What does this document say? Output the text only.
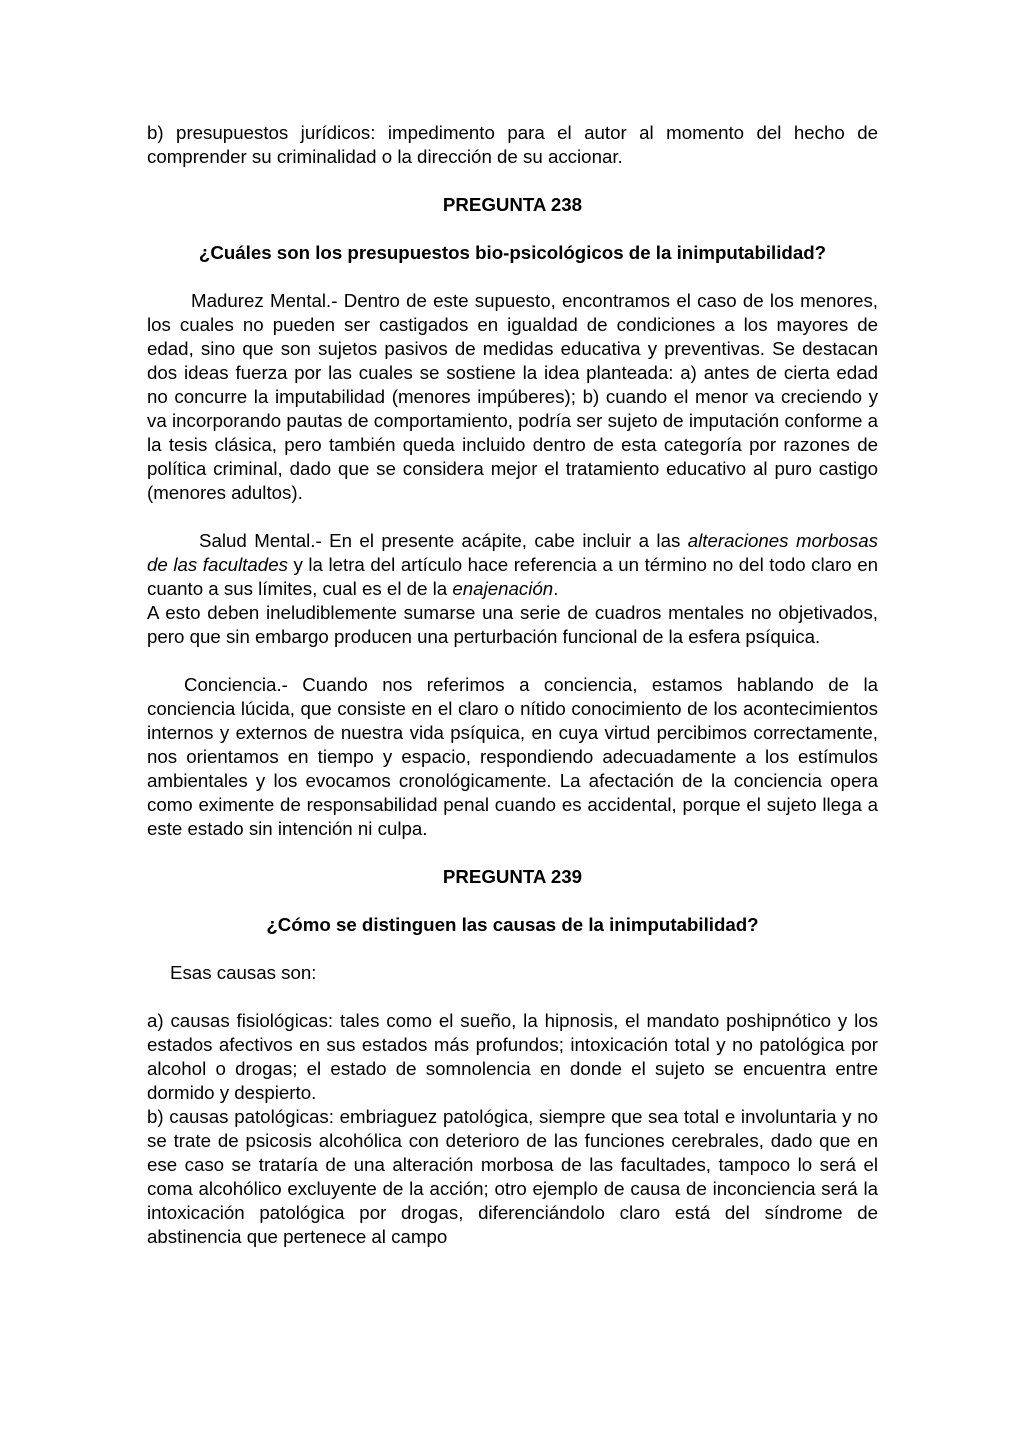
b) presupuestos jurídicos: impedimento para el autor al momento del hecho de comprender su criminalidad o la dirección de su accionar.

PREGUNTA 238

¿Cuáles son los presupuestos bio-psicológicos de la inimputabilidad?

Madurez Mental.- Dentro de este supuesto, encontramos el caso de los menores, los cuales no pueden ser castigados en igualdad de condiciones a los mayores de edad, sino que son sujetos pasivos de medidas educativa y preventivas. Se destacan dos ideas fuerza por las cuales se sostiene la idea planteada: a) antes de cierta edad no concurre la imputabilidad (menores impúberes); b) cuando el menor va creciendo y va incorporando pautas de comportamiento, podría ser sujeto de imputación conforme a la tesis clásica, pero también queda incluido dentro de esta categoría por razones de política criminal, dado que se considera mejor el tratamiento educativo al puro castigo (menores adultos).

Salud Mental.- En el presente acápite, cabe incluir a las alteraciones morbosas de las facultades y la letra del artículo hace referencia a un término no del todo claro en cuanto a sus límites, cual es el de la enajenación.

A esto deben ineludiblemente sumarse una serie de cuadros mentales no objetivados, pero que sin embargo producen una perturbación funcional de la esfera psíquica.

Conciencia.- Cuando nos referimos a conciencia, estamos hablando de la conciencia lúcida, que consiste en el claro o nítido conocimiento de los acontecimientos internos y externos de nuestra vida psíquica, en cuya virtud percibimos correctamente, nos orientamos en tiempo y espacio, respondiendo adecuadamente a los estímulos ambientales y los evocamos cronológicamente. La afectación de la conciencia opera como eximente de responsabilidad penal cuando es accidental, porque el sujeto llega a este estado sin intención ni culpa.

PREGUNTA 239

¿Cómo se distinguen las causas de la inimputabilidad?

Esas causas son:

a) causas fisiológicas: tales como el sueño, la hipnosis, el mandato poshipnótico y los estados afectivos en sus estados más profundos; intoxicación total y no patológica por alcohol o drogas; el estado de somnolencia en donde el sujeto se encuentra entre dormido y despierto.

b) causas patológicas: embriaguez patológica, siempre que sea total e involuntaria y no se trate de psicosis alcohólica con deterioro de las funciones cerebrales, dado que en ese caso se trataría de una alteración morbosa de las facultades, tampoco lo será el coma alcohólico excluyente de la acción; otro ejemplo de causa de inconciencia será la intoxicación patológica por drogas, diferenciándolo claro está del síndrome de abstinencia que pertenece al campo
